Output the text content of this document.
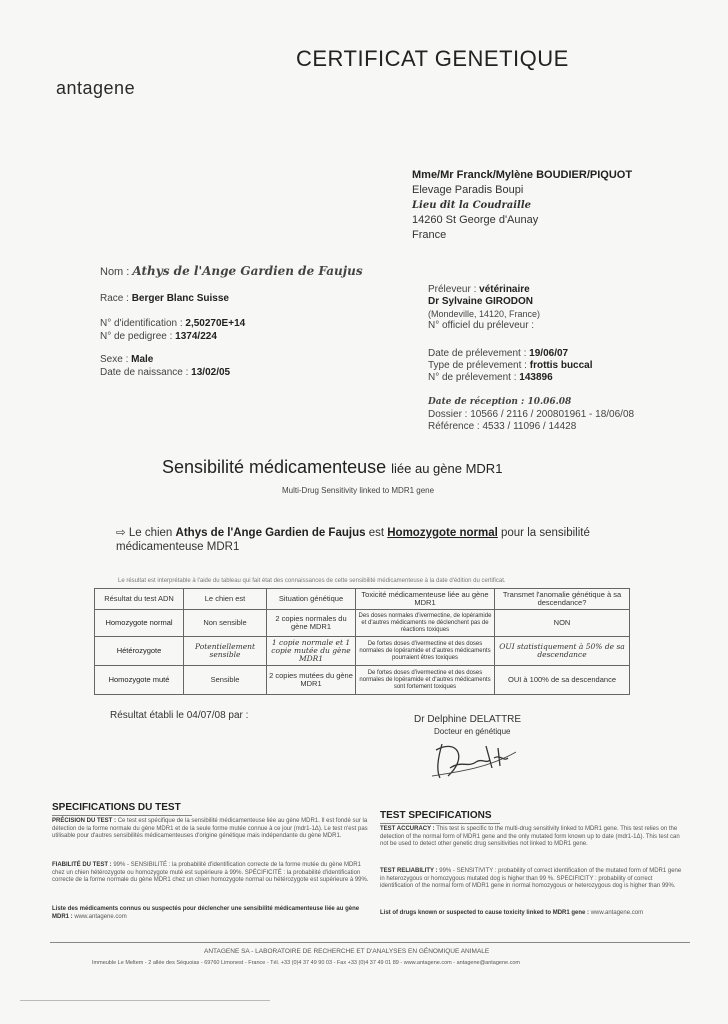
antagene
CERTIFICAT GENETIQUE
Mme/Mr Franck/Mylène BOUDIER/PIQUOT
Elevage Paradis Boupi
Lieu dit la Coudraille
14260 St George d'Aunay
France
Nom : Athys de l'Ange Gardien de Faujus
Race : Berger Blanc Suisse
N° d'identification : 2,50270E+14
N° de pedigree : 1374/224
Sexe : Male
Date de naissance : 13/02/05
Préleveur : vétérinaire
Dr Sylvaine GIRODON
(Mondeville, 14120, France)
N° officiel du préleveur :
Date de prélevement : 19/06/07
Type de prélevement : frottis buccal
N° de prélevement : 143896
Date de réception : 10.06.08
Dossier : 10566 / 2116 / 200801961 - 18/06/08
Référence : 4533 / 11096 / 14428
Sensibilité médicamenteuse liée au gène MDR1
Multi-Drug Sensitivity linked to MDR1 gene
⇨ Le chien Athys de l'Ange Gardien de Faujus est Homozygote normal pour la sensibilité médicamenteuse MDR1
Le résultat est interprétable à l'aide du tableau qui fait état des connaissances de cette sensibilité médicamenteuse à la date d'édition du certificat.
Résultat du test ADN	Le chien est	Situation génétique	Toxicité médicamenteuse liée au gène MDR1	Transmet l'anomalie génétique à sa descendance?
Homozygote normal	Non sensible	2 copies normales du gène MDR1	Des doses normales d'ivermectine, de lopéramide et d'autres médicaments ne déclenchent pas de réactions toxiques	NON
Hétérozygote	Potentiellement sensible	1 copie normale et 1 copie mutée du gène MDR1	De fortes doses d'ivermectine et des doses normales de lopéramide et d'autres médicaments pourraient êtres toxiques	OUI statistiquement à 50% de sa descendance
Homozygote muté	Sensible	2 copies mutées du gène MDR1	De fortes doses d'ivermectine et des doses normales de lopéramide et d'autres médicaments sont fortement toxiques	OUI à 100% de sa descendance
Résultat établi le 04/07/08 par :	Dr Delphine DELATTRE
Docteur en génétique
SPECIFICATIONS DU TEST
PRÉCISION DU TEST : Ce test est spécifique de la sensibilité médicamenteuse liée au gène MDR1. Il est fondé sur la détection de la forme normale du gène MDR1 et de la seule forme mutée connue à ce jour (mdr1-1Δ). Le test n'est pas utilisable pour d'autres sensibilités médicamenteuses d'origine génétique mais indépendante du gène MDR1.
FIABILITÉ DU TEST : 99% - SENSIBILITÉ : la probabilité d'identification correcte de la forme mutée du gène MDR1 chez un chien hétérozygote ou homozygote muté est supérieure à 99%. SPÉCIFICITÉ : la probabilité d'identification correcte de la forme normale du gène MDR1 chez un chien homozygote normal ou hétérozygote est supérieure à 99%.
Liste des médicaments connus ou suspectés pour déclencher une sensibilité médicamenteuse liée au gène MDR1 : www.antagene.com
TEST SPECIFICATIONS
TEST ACCURACY : This test is specific to the multi-drug sensitivity linked to MDR1 gene. This test relies on the detection of the normal form of MDR1 gene and the only mutated form known up to date (mdr1-1Δ). This test can not be used to detect other genetic drug sensitivities not linked to MDR1 gene.
TEST RELIABILITY : 99% - SENSITIVITY : probability of correct identification of the mutated form of MDR1 gene in heterozygous or homozygous mutated dog is higher than 99 %. SPECIFICITY : probability of correct identification of the normal form of MDR1 gene in normal homozygous or heterozygous dog is higher than 99%.
List of drugs known or suspected to cause toxicity linked to MDR1 gene : www.antagene.com
ANTAGENE SA - LABORATOIRE DE RECHERCHE ET D'ANALYSES EN GÉNOMIQUE ANIMALE
Immeuble Le Meltem - 2 allée des Séquoias - 69760 Limonest - France - Tél. +33 (0)4 37 49 90 03 - Fax +33 (0)4 37 49 01 89 - www.antagene.com - antagene@antagene.com
